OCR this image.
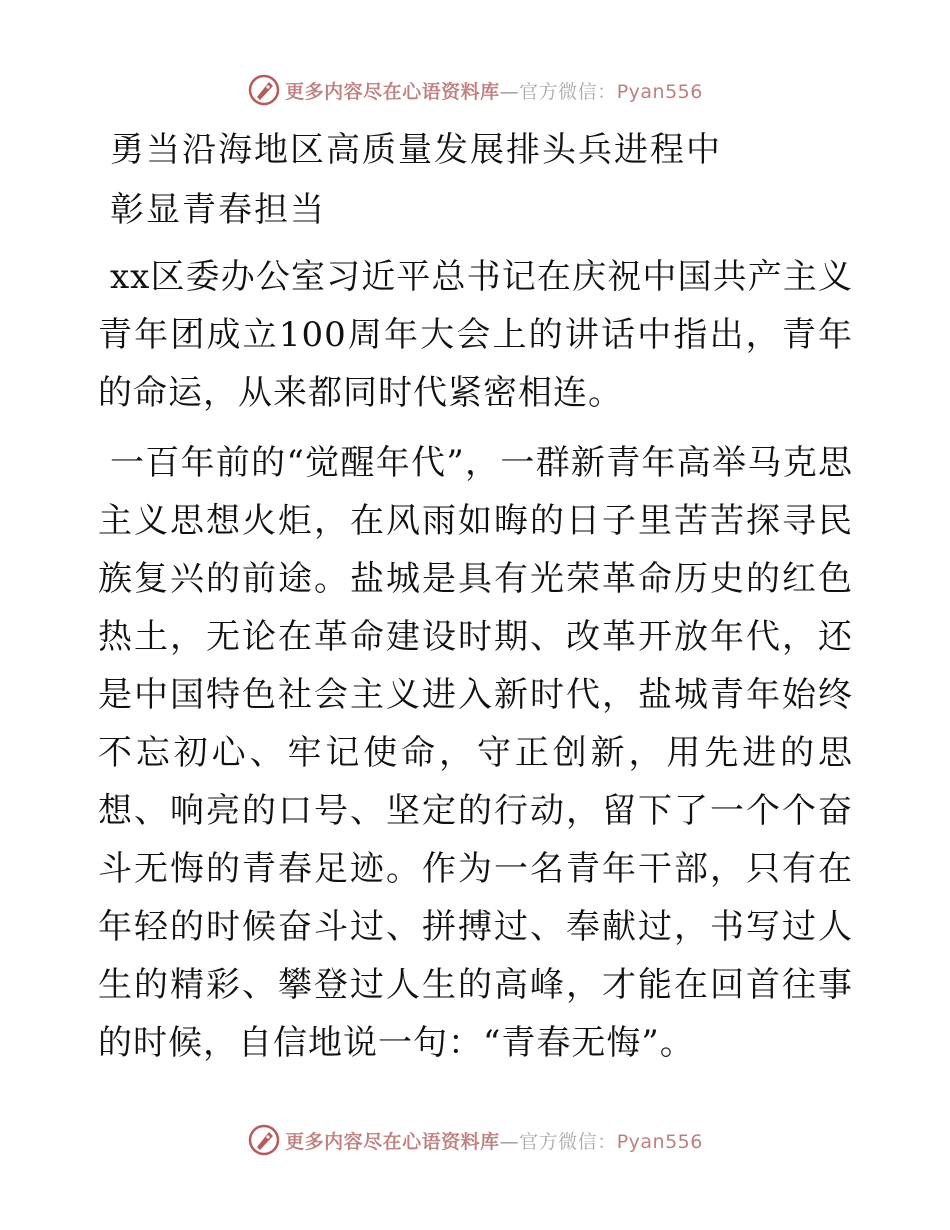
更多内容尽在心语资料库—官方微信：Pyan556
勇当沿海地区高质量发展排头兵进程中
彰显青春担当

xx区委办公室习近平总书记在庆祝中国共产主义青年团成立100周年大会上的讲话中指出，青年的命运，从来都同时代紧密相连。

一百年前的“觉醒年代”，一群新青年高举马克思主义思想火炬，在风雨如晦的日子里苦苦探寻民族复兴的前途。盐城是具有光荣革命历史的红色热土，无论在革命建设时期、改革开放年代，还是中国特色社会主义进入新时代，盐城青年始终不忘初心、牢记使命，守正创新，用先进的思想、响亮的口号、坚定的行动，留下了一个个奋斗无悔的青春足迹。作为一名青年干部，只有在年轻的时候奋斗过、拼搏过、奉献过，书写过人生的精彩、攀登过人生的高峰，才能在回首往事的时候，自信地说一句：“青春无悔”。

更多内容尽在心语资料库—官方微信：Pyan556
